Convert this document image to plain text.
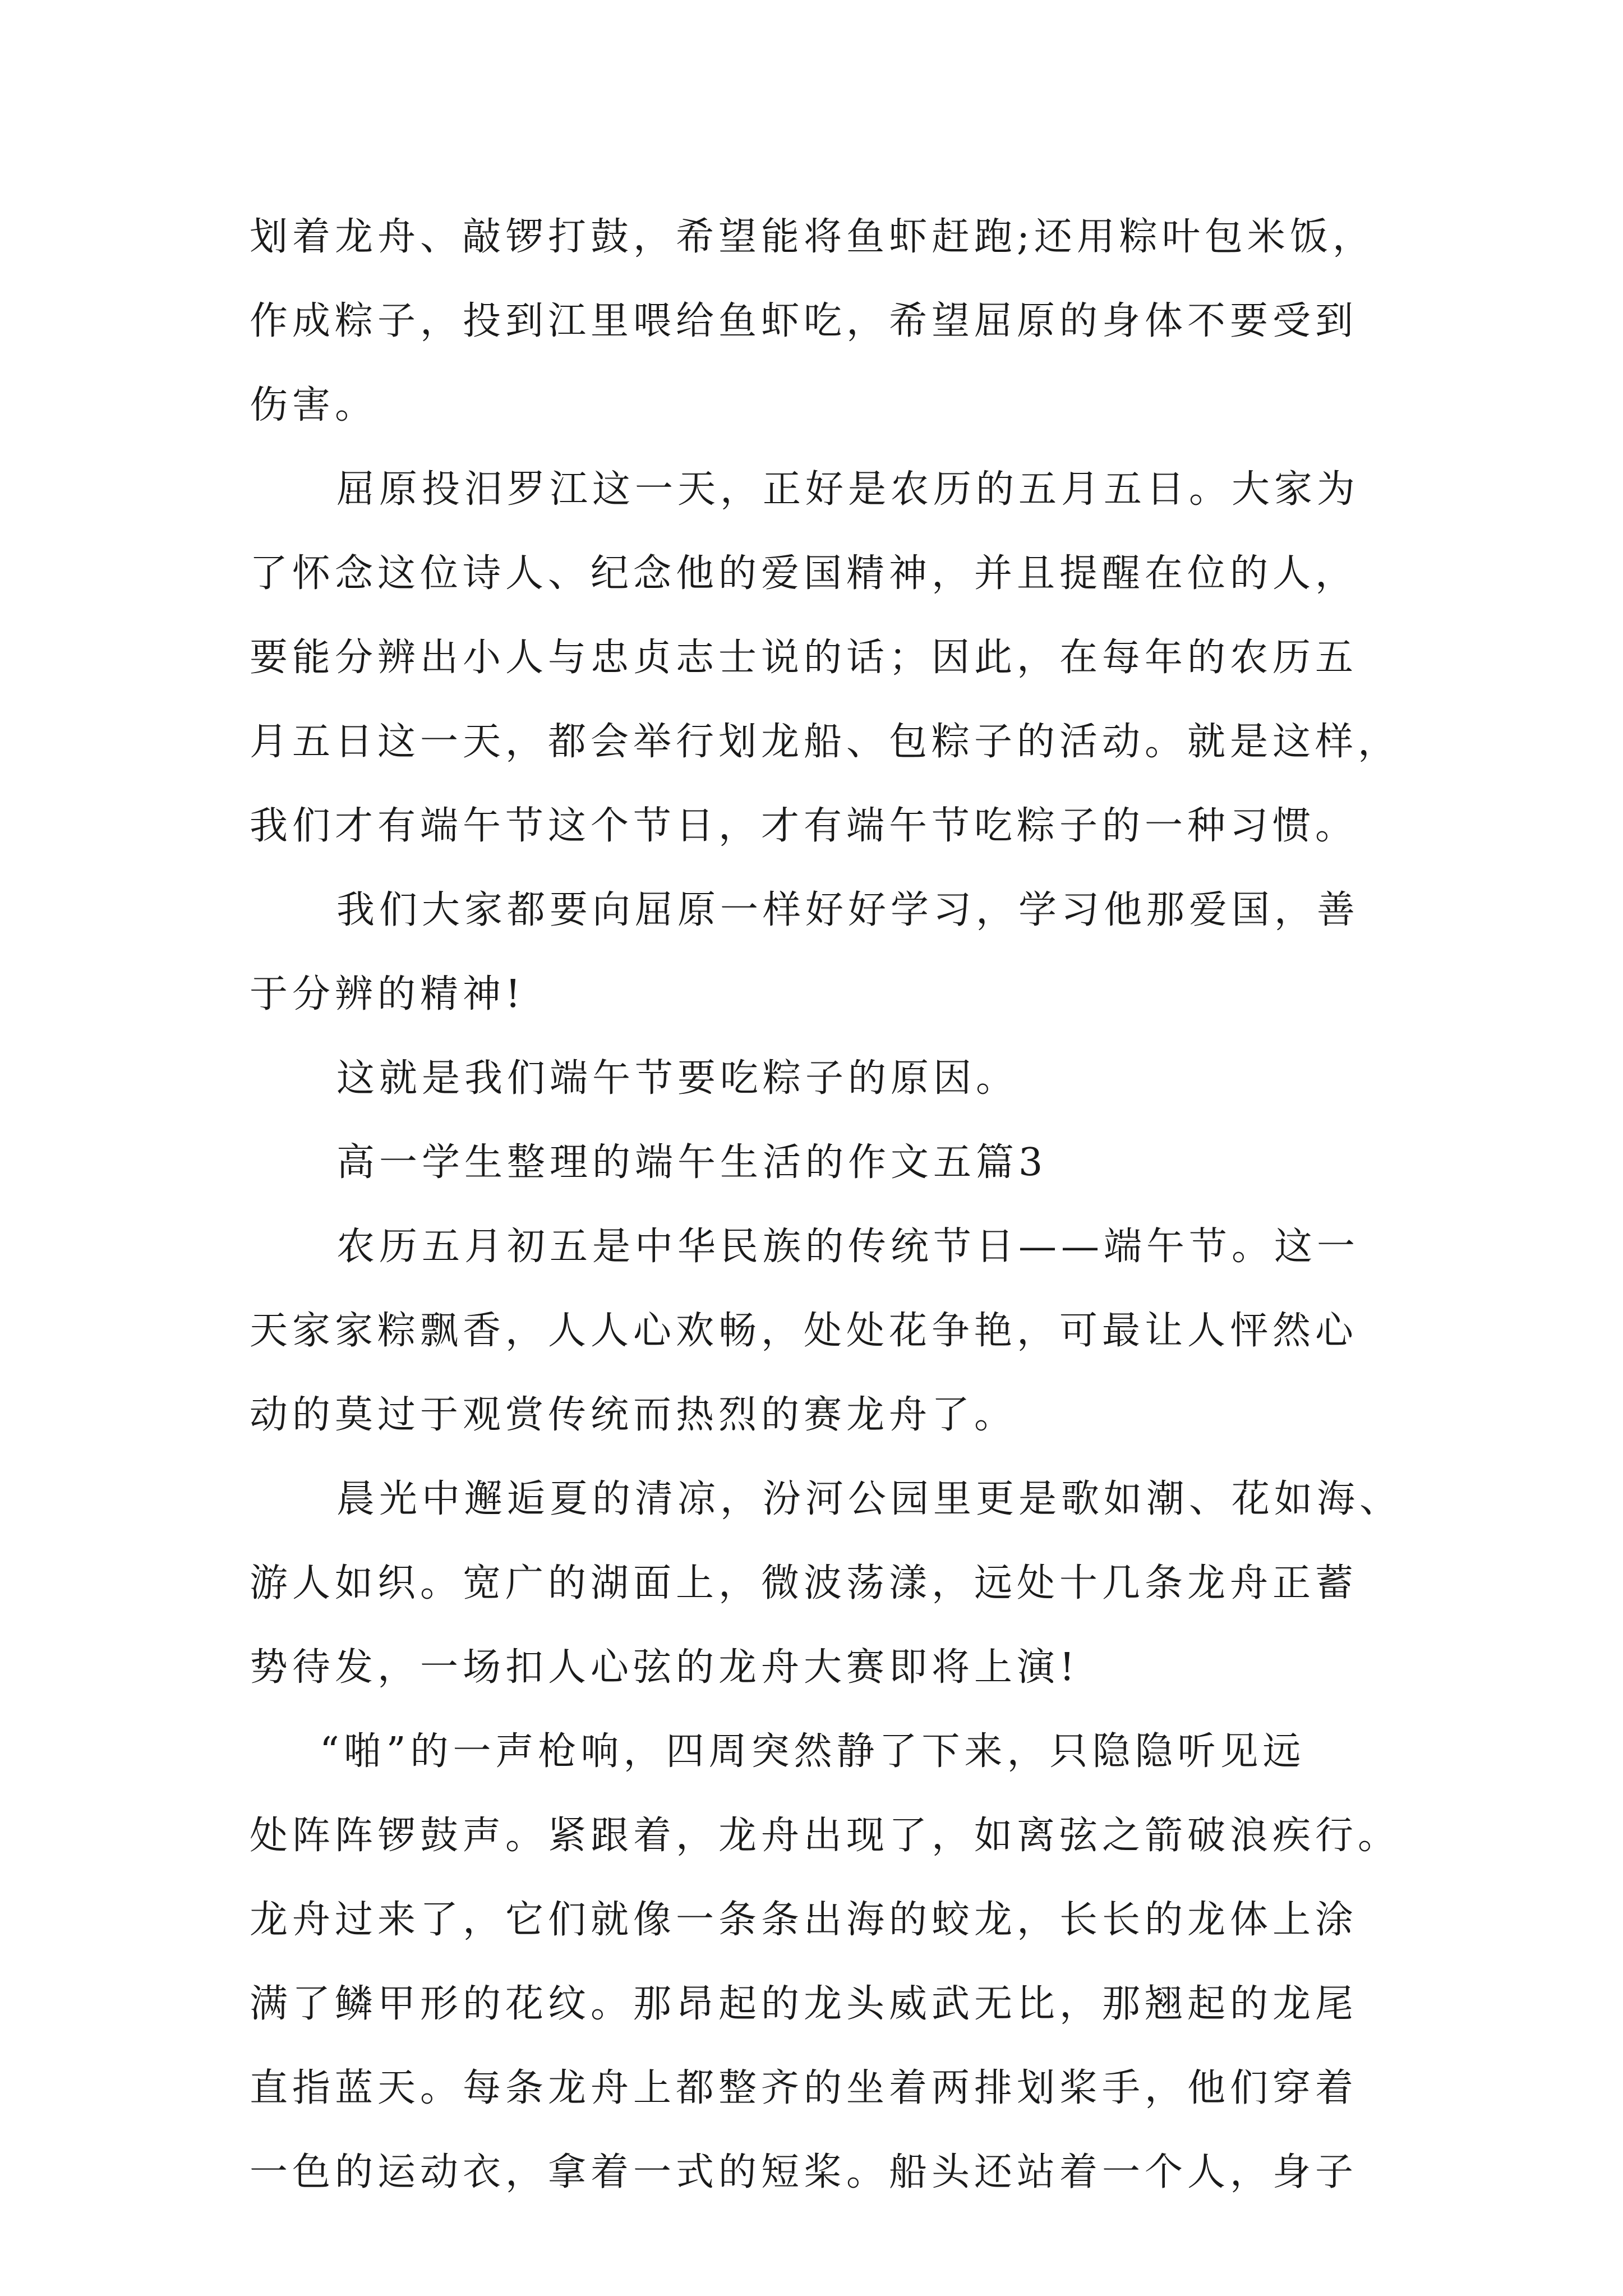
划着龙舟、敲锣打鼓，希望能将鱼虾赶跑;还用粽叶包米饭，
作成粽子，投到江里喂给鱼虾吃，希望屈原的身体不要受到
伤害。
屈原投汨罗江这一天，正好是农历的五月五日。大家为
了怀念这位诗人、纪念他的爱国精神，并且提醒在位的人，
要能分辨出小人与忠贞志士说的话；因此，在每年的农历五
月五日这一天，都会举行划龙船、包粽子的活动。就是这样，
我们才有端午节这个节日，才有端午节吃粽子的一种习惯。
我们大家都要向屈原一样好好学习，学习他那爱国，善
于分辨的精神!
这就是我们端午节要吃粽子的原因。
高一学生整理的端午生活的作文五篇3
农历五月初五是中华民族的传统节日——端午节。这一
天家家粽飘香，人人心欢畅，处处花争艳，可最让人怦然心
动的莫过于观赏传统而热烈的赛龙舟了。
晨光中邂逅夏的清凉，汾河公园里更是歌如潮、花如海、
游人如织。宽广的湖面上，微波荡漾，远处十几条龙舟正蓄
势待发，一场扣人心弦的龙舟大赛即将上演!
“啪”的一声枪响，四周突然静了下来，只隐隐听见远
处阵阵锣鼓声。紧跟着，龙舟出现了，如离弦之箭破浪疾行。
龙舟过来了，它们就像一条条出海的蛟龙，长长的龙体上涂
满了鳞甲形的花纹。那昂起的龙头威武无比，那翘起的龙尾
直指蓝天。每条龙舟上都整齐的坐着两排划桨手，他们穿着
一色的运动衣，拿着一式的短桨。船头还站着一个人，身子
